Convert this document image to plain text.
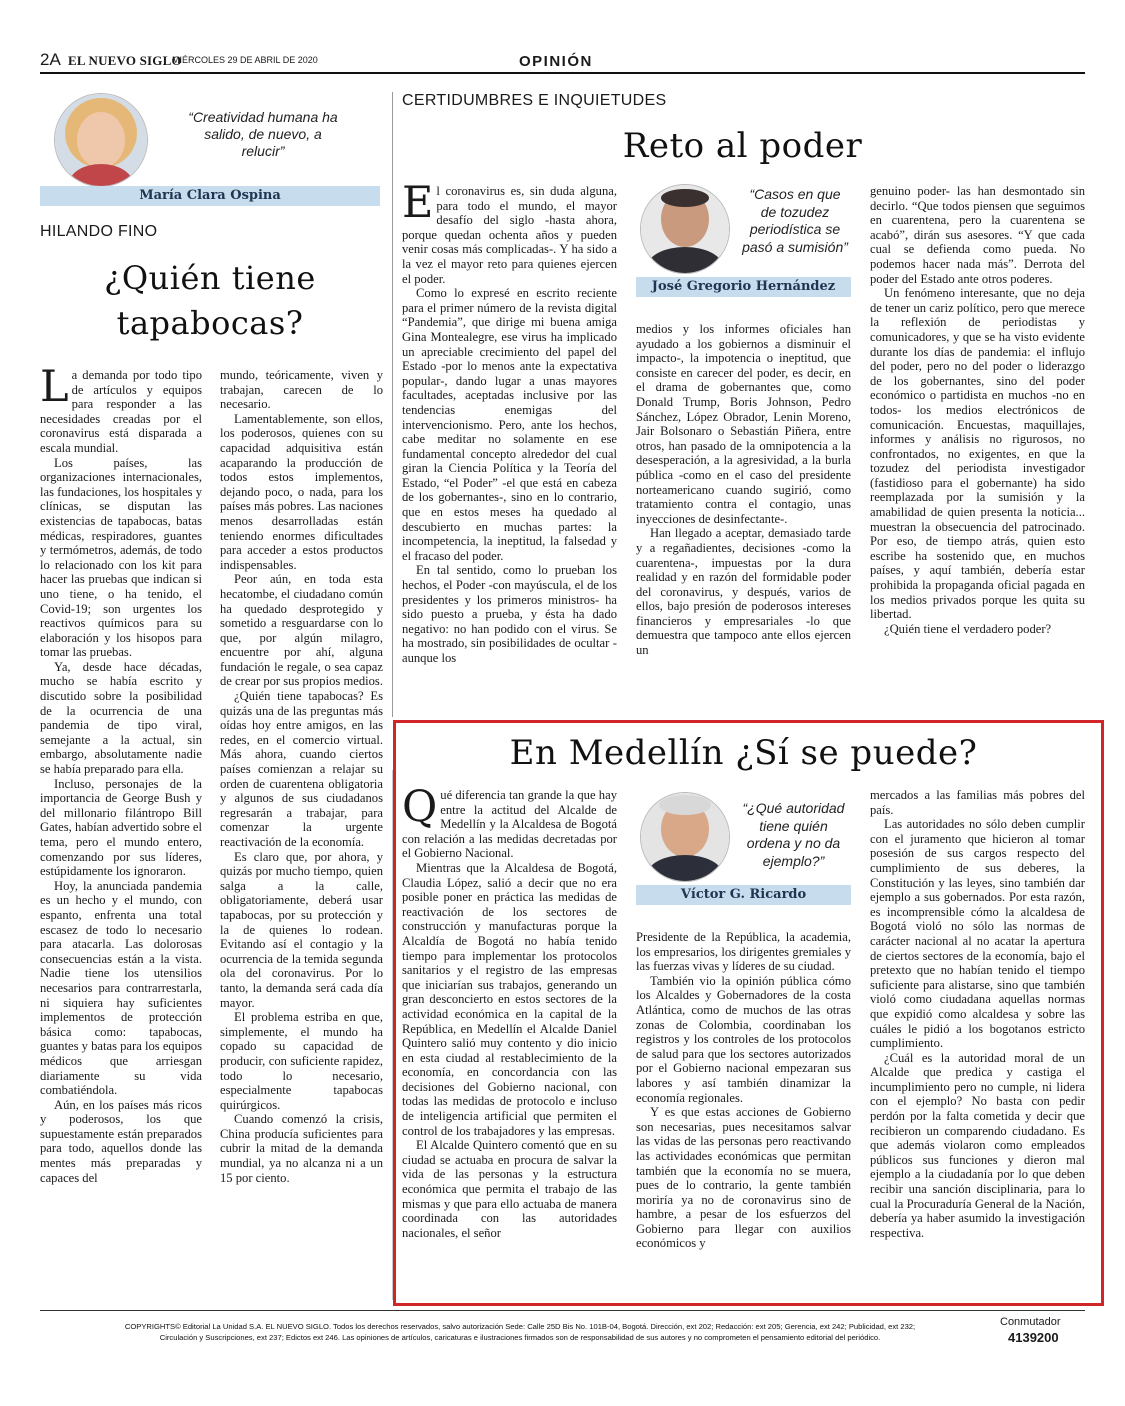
2A EL NUEVO SIGLO
MIÉRCOLES 29 DE ABRIL DE 2020	OPINIÓN
“Creatividad humana ha salido, de nuevo, a relucir”
María Clara Ospina
HILANDO FINO
¿Quién tiene
tapabocas?

La demanda por todo tipo de artículos y equipos para responder a las necesidades creadas por el coronavirus está disparada a escala mundial.

Los países, las organizaciones internacionales, las fundaciones, los hospitales y clínicas, se disputan las existencias de tapabocas, batas médicas, respiradores, guantes y termómetros, además, de todo lo relacionado con los kit para hacer las pruebas que indican si uno tiene, o ha tenido, el Covid-19; son urgentes los reactivos químicos para su elaboración y los hisopos para tomar las pruebas.

Ya, desde hace décadas, mucho se había escrito y discutido sobre la posibilidad de la ocurrencia de una pandemia de tipo viral, semejante a la actual, sin embargo, absolutamente nadie se había preparado para ella.

Incluso, personajes de la importancia de George Bush y del millonario filántropo Bill Gates, habían advertido sobre el tema, pero el mundo entero, comenzando por sus líderes, estúpidamente los ignoraron.

Hoy, la anunciada pandemia es un hecho y el mundo, con espanto, enfrenta una total escasez de todo lo necesario para atacarla. Las dolorosas consecuencias están a la vista. Nadie tiene los utensilios necesarios para contrarrestarla, ni siquiera hay suficientes implementos de protección básica como: tapabocas, guantes y batas para los equipos médicos que arriesgan diariamente su vida combatiéndola.

Aún, en los países más ricos y poderosos, los que supuestamente están preparados para todo, aquellos donde las mentes más preparadas y capaces del

mundo, teóricamente, viven y trabajan, carecen de lo necesario.

Lamentablemente, son ellos, los poderosos, quienes con su capacidad adquisitiva están acaparando la producción de todos estos implementos, dejando poco, o nada, para los países más pobres. Las naciones menos desarrolladas están teniendo enormes dificultades para acceder a estos productos indispensables.

Peor aún, en toda esta hecatombe, el ciudadano común ha quedado desprotegido y sometido a resguardarse con lo que, por algún milagro, encuentre por ahí, alguna fundación le regale, o sea capaz de crear por sus propios medios.

¿Quién tiene tapabocas? Es quizás una de las preguntas más oídas hoy entre amigos, en las redes, en el comercio virtual. Más ahora, cuando ciertos países comienzan a relajar su orden de cuarentena obligatoria y algunos de sus ciudadanos regresarán a trabajar, para comenzar la urgente reactivación de la economía.

Es claro que, por ahora, y quizás por mucho tiempo, quien salga a la calle, obligatoriamente, deberá usar tapabocas, por su protección y la de quienes lo rodean. Evitando así el contagio y la ocurrencia de la temida segunda ola del coronavirus. Por lo tanto, la demanda será cada día mayor.

El problema estriba en que, simplemente, el mundo ha copado su capacidad de producir, con suficiente rapidez, todo lo necesario, especialmente tapabocas quirúrgicos.

Cuando comenzó la crisis, China producía suficientes para cubrir la mitad de la demanda mundial, ya no alcanza ni a un 15 por ciento.

CERTIDUMBRES E INQUIETUDES
Reto al poder

El coronavirus es, sin duda alguna, para todo el mundo, el mayor desafío del siglo -hasta ahora, porque quedan ochenta años y pueden venir cosas más complicadas-. Y ha sido a la vez el mayor reto para quienes ejercen el poder.

Como lo expresé en escrito reciente para el primer número de la revista digital “Pandemia”, que dirige mi buena amiga Gina Montealegre, ese virus ha implicado un apreciable crecimiento del papel del Estado -por lo menos ante la expectativa popular-, dando lugar a unas mayores facultades, aceptadas inclusive por las tendencias enemigas del intervencionismo. Pero, ante los hechos, cabe meditar no solamente en ese fundamental concepto alrededor del cual giran la Ciencia Política y la Teoría del Estado, “el Poder” -el que está en cabeza de los gobernantes-, sino en lo contrario, que en estos meses ha quedado al descubierto en muchas partes: la incompetencia, la ineptitud, la falsedad y el fracaso del poder.

En tal sentido, como lo prueban los hechos, el Poder -con mayúscula, el de los presidentes y los primeros ministros- ha sido puesto a prueba, y ésta ha dado negativo: no han podido con el virus. Se ha mostrado, sin posibilidades de ocultar -aunque los

“Casos en que de tozudez periodística se pasó a sumisión”
José Gregorio Hernández

medios y los informes oficiales han ayudado a los gobiernos a disminuir el impacto-, la impotencia o ineptitud, que consiste en carecer del poder, es decir, en el drama de gobernantes que, como Donald Trump, Boris Johnson, Pedro Sánchez, López Obrador, Lenin Moreno, Jair Bolsonaro o Sebastián Piñera, entre otros, han pasado de la omnipotencia a la desesperación, a la agresividad, a la burla pública -como en el caso del presidente norteamericano cuando sugirió, como tratamiento contra el contagio, unas inyecciones de desinfectante-.

Han llegado a aceptar, demasiado tarde y a regañadientes, decisiones -como la cuarentena-, impuestas por la dura realidad y en razón del formidable poder del coronavirus, y después, varios de ellos, bajo presión de poderosos intereses financieros y empresariales -lo que demuestra que tampoco ante ellos ejercen un

genuino poder- las han desmontado sin decirlo. “Que todos piensen que seguimos en cuarentena, pero la cuarentena se acabó”, dirán sus asesores. “Y que cada cual se defienda como pueda. No podemos hacer nada más”. Derrota del poder del Estado ante otros poderes.

Un fenómeno interesante, que no deja de tener un cariz político, pero que merece la reflexión de periodistas y comunicadores, y que se ha visto evidente durante los días de pandemia: el influjo del poder, pero no del poder o liderazgo de los gobernantes, sino del poder económico o partidista en muchos -no en todos- los medios electrónicos de comunicación. Encuestas, maquillajes, informes y análisis no rigurosos, no confrontados, no exigentes, en que la tozudez del periodista investigador (fastidioso para el gobernante) ha sido reemplazada por la sumisión y la amabilidad de quien presenta la noticia... muestran la obsecuencia del patrocinado. Por eso, de tiempo atrás, quien esto escribe ha sostenido que, en muchos países, y aquí también, debería estar prohibida la propaganda oficial pagada en los medios privados porque les quita su libertad.

¿Quién tiene el verdadero poder?

En Medellín ¿Sí se puede?

Qué diferencia tan grande la que hay entre la actitud del Alcalde de Medellín y la Alcaldesa de Bogotá con relación a las medidas decretadas por el Gobierno Nacional.

Mientras que la Alcaldesa de Bogotá, Claudia López, salió a decir que no era posible poner en práctica las medidas de reactivación de los sectores de construcción y manufacturas porque la Alcaldía de Bogotá no había tenido tiempo para implementar los protocolos sanitarios y el registro de las empresas que iniciarían sus trabajos, generando un gran desconcierto en estos sectores de la actividad económica en la capital de la República, en Medellín el Alcalde Daniel Quintero salió muy contento y dio inicio en esta ciudad al restablecimiento de la economía, en concordancia con las decisiones del Gobierno nacional, con todas las medidas de protocolo e incluso de inteligencia artificial que permiten el control de los trabajadores y las empresas.

El Alcalde Quintero comentó que en su ciudad se actuaba en procura de salvar la vida de las personas y la estructura económica que permita el trabajo de las mismas y que para ello actuaba de manera coordinada con las autoridades nacionales, el señor

“¿Qué autoridad tiene quién ordena y no da ejemplo?”
Víctor G. Ricardo

Presidente de la República, la academia, los empresarios, los dirigentes gremiales y las fuerzas vivas y líderes de su ciudad.

También vio la opinión pública cómo los Alcaldes y Gobernadores de la costa Atlántica, como de muchos de las otras zonas de Colombia, coordinaban los registros y los controles de los protocolos de salud para que los sectores autorizados por el Gobierno nacional empezaran sus labores y así también dinamizar la economía regionales.

Y es que estas acciones de Gobierno son necesarias, pues necesitamos salvar las vidas de las personas pero reactivando las actividades económicas que permitan también que la economía no se muera, pues de lo contrario, la gente también moriría ya no de coronavirus sino de hambre, a pesar de los esfuerzos del Gobierno para llegar con auxilios económicos y

mercados a las familias más pobres del país.

Las autoridades no sólo deben cumplir con el juramento que hicieron al tomar posesión de sus cargos respecto del cumplimiento de sus deberes, la Constitución y las leyes, sino también dar ejemplo a sus gobernados. Por esta razón, es incomprensible cómo la alcaldesa de Bogotá violó no sólo las normas de carácter nacional al no acatar la apertura de ciertos sectores de la economía, bajo el pretexto que no habían tenido el tiempo suficiente para alistarse, sino que también violó como ciudadana aquellas normas que expidió como alcaldesa y sobre las cuáles le pidió a los bogotanos estricto cumplimiento.

¿Cuál es la autoridad moral de un Alcalde que predica y castiga el incumplimiento pero no cumple, ni lidera con el ejemplo? No basta con pedir perdón por la falta cometida y decir que recibieron un comparendo ciudadano. Es que además violaron como empleados públicos sus funciones y dieron mal ejemplo a la ciudadanía por lo que deben recibir una sanción disciplinaria, para lo cual la Procuraduría General de la Nación, debería ya haber asumido la investigación respectiva.

COPYRIGHTS© Editorial La Unidad S.A. EL NUEVO SIGLO. Todos los derechos reservados, salvo autorización Sede: Calle 25D Bis No. 101B-04, Bogotá. Dirección, ext 202; Redacción: ext 205; Gerencia, ext 242; Publicidad, ext 232;
Circulación y Suscripciones, ext 237; Edictos ext 246. Las opiniones de artículos, caricaturas e ilustraciones firmados son de responsabilidad de sus autores y no comprometen el pensamiento editorial del periódico.
Conmutador
4139200
